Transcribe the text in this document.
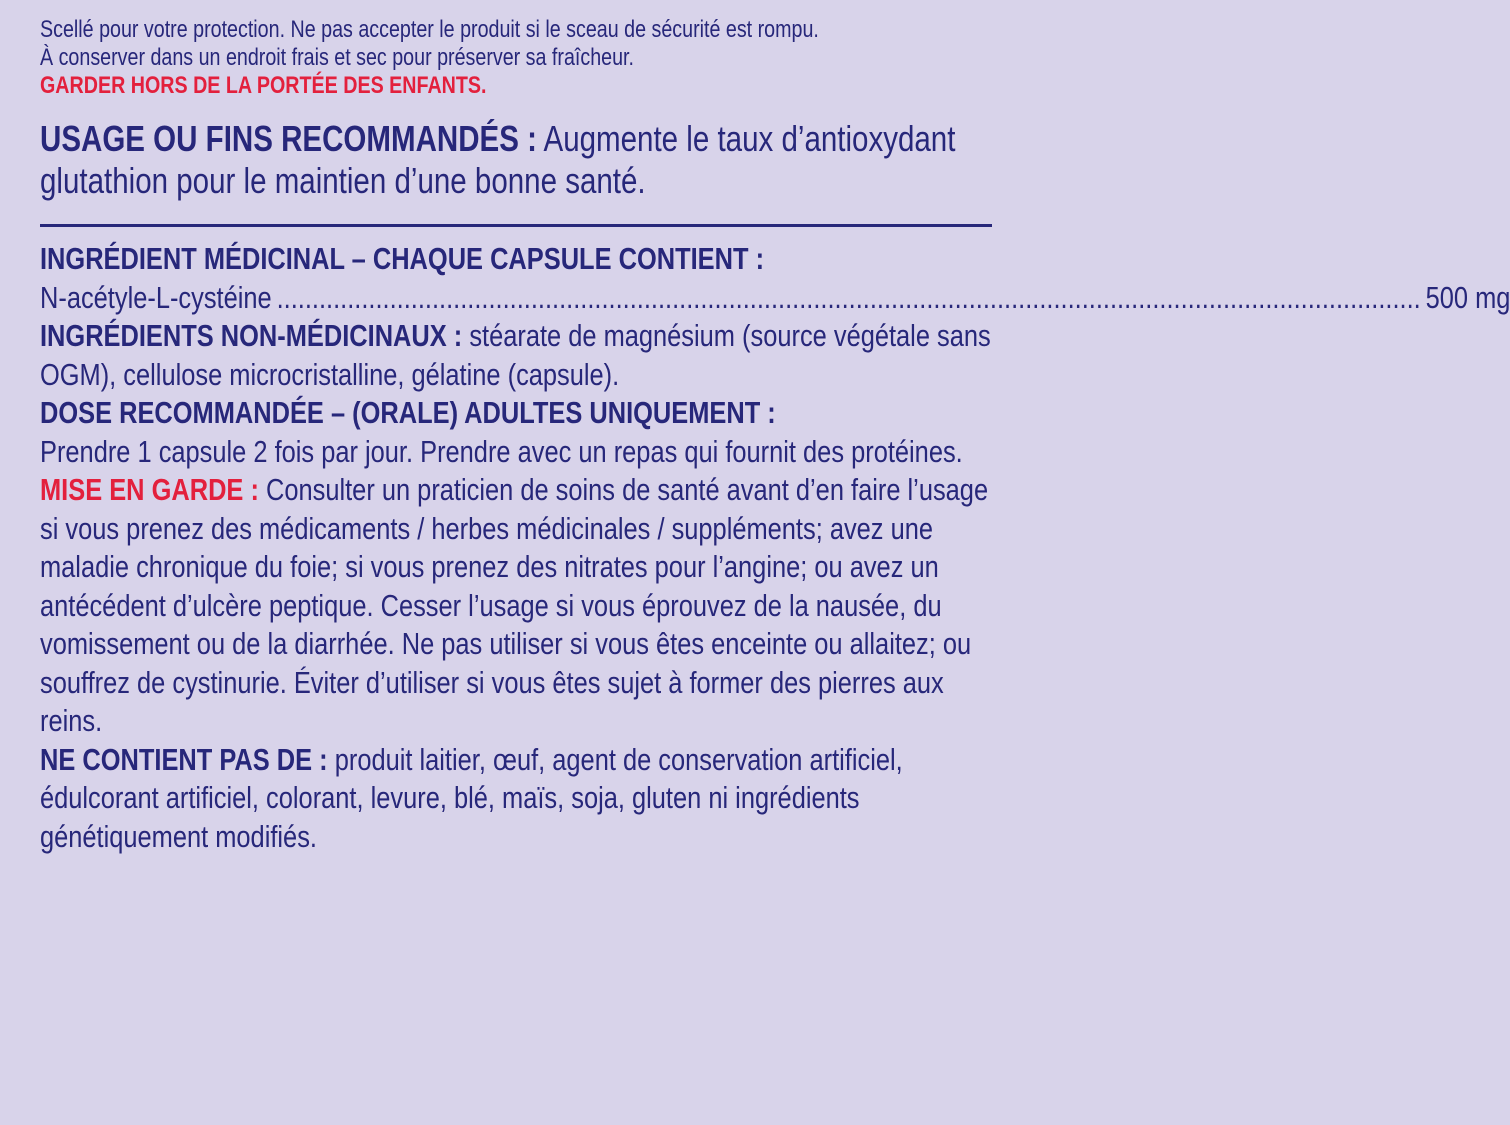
Scellé pour votre protection. Ne pas accepter le produit si le sceau de sécurité est rompu.
À conserver dans un endroit frais et sec pour préserver sa fraîcheur.
GARDER HORS DE LA PORTÉE DES ENFANTS.

USAGE OU FINS RECOMMANDÉS : Augmente le taux d’antioxydant glutathion pour le maintien d’une bonne santé.

INGRÉDIENT MÉDICINAL – CHAQUE CAPSULE CONTIENT :

N-acétyle-L-cystéine .................................................................................................................................................................. 500 mg

INGRÉDIENTS NON-MÉDICINAUX : stéarate de magnésium (source végétale sans OGM), cellulose microcristalline, gélatine (capsule).

DOSE RECOMMANDÉE – (ORALE) ADULTES UNIQUEMENT :
Prendre 1 capsule 2 fois par jour. Prendre avec un repas qui fournit des protéines.

MISE EN GARDE : Consulter un praticien de soins de santé avant d’en faire l’usage si vous prenez des médicaments / herbes médicinales / suppléments; avez une maladie chronique du foie; si vous prenez des nitrates pour l’angine; ou avez un antécédent d’ulcère peptique. Cesser l’usage si vous éprouvez de la nausée, du vomissement ou de la diarrhée. Ne pas utiliser si vous êtes enceinte ou allaitez; ou souffrez de cystinurie. Éviter d’utiliser si vous êtes sujet à former des pierres aux reins.

NE CONTIENT PAS DE : produit laitier, œuf, agent de conservation artificiel, édulcorant artificiel, colorant, levure, blé, maïs, soja, gluten ni ingrédients génétiquement modifiés.
